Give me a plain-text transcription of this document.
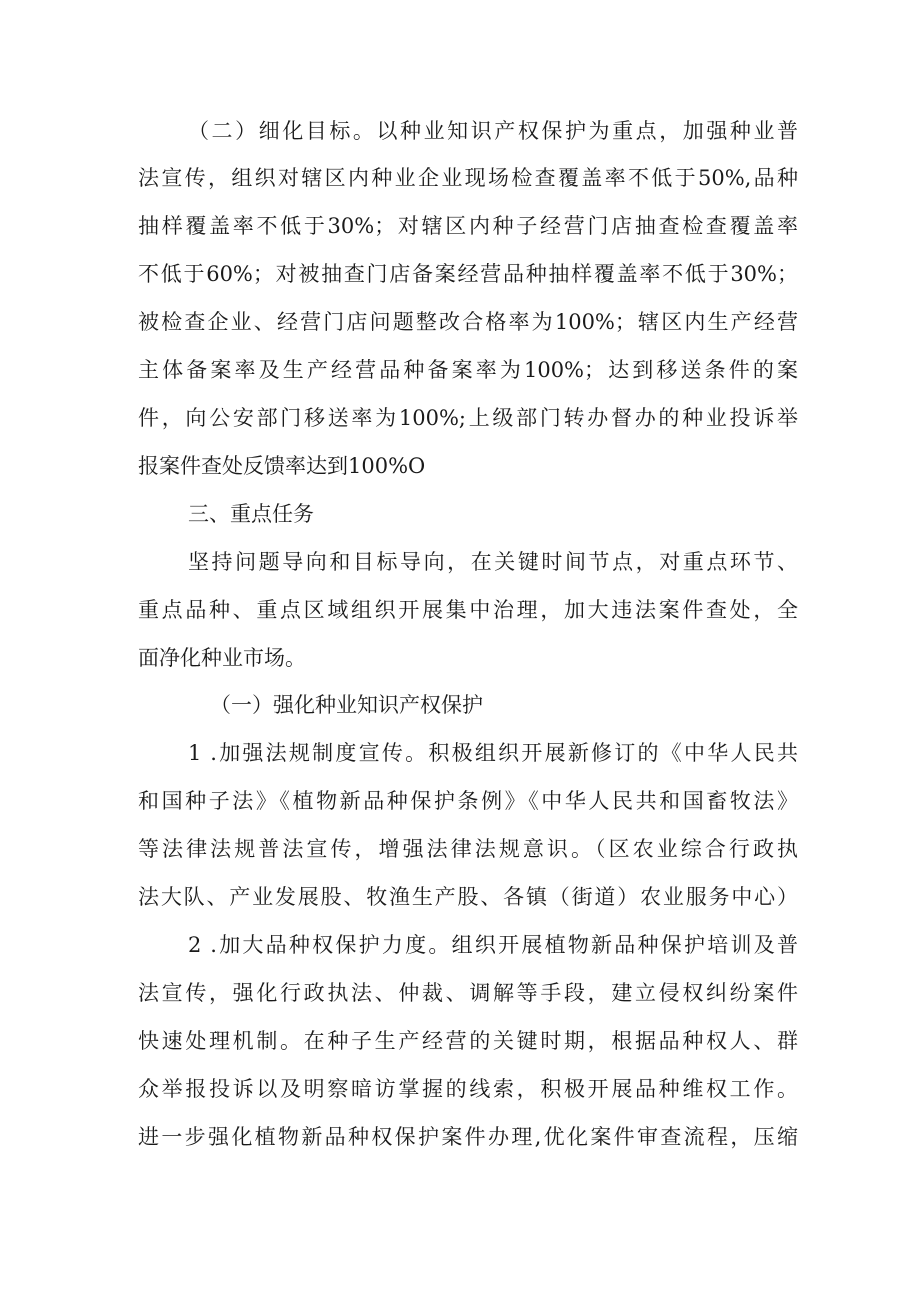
（二）细化目标。以种业知识产权保护为重点，加强种业普
法宣传，组织对辖区内种业企业现场检查覆盖率不低于50%,品种
抽样覆盖率不低于30%；对辖区内种子经营门店抽查检查覆盖率
不低于60%；对被抽查门店备案经营品种抽样覆盖率不低于30%；
被检查企业、经营门店问题整改合格率为100%；辖区内生产经营
主体备案率及生产经营品种备案率为100%；达到移送条件的案
件，向公安部门移送率为100%;上级部门转办督办的种业投诉举
报案件查处反馈率达到100%O
三、重点任务
坚持问题导向和目标导向，在关键时间节点，对重点环节、
重点品种、重点区域组织开展集中治理，加大违法案件查处，全
面净化种业市场。
（一）强化种业知识产权保护
1 .加强法规制度宣传。积极组织开展新修订的《中华人民共
和国种子法》《植物新品种保护条例》《中华人民共和国畜牧法》
等法律法规普法宣传，增强法律法规意识。（区农业综合行政执
法大队、产业发展股、牧渔生产股、各镇（街道）农业服务中心）
2 .加大品种权保护力度。组织开展植物新品种保护培训及普
法宣传，强化行政执法、仲裁、调解等手段，建立侵权纠纷案件
快速处理机制。在种子生产经营的关键时期，根据品种权人、群
众举报投诉以及明察暗访掌握的线索，积极开展品种维权工作。
进一步强化植物新品种权保护案件办理,优化案件审查流程，压缩
